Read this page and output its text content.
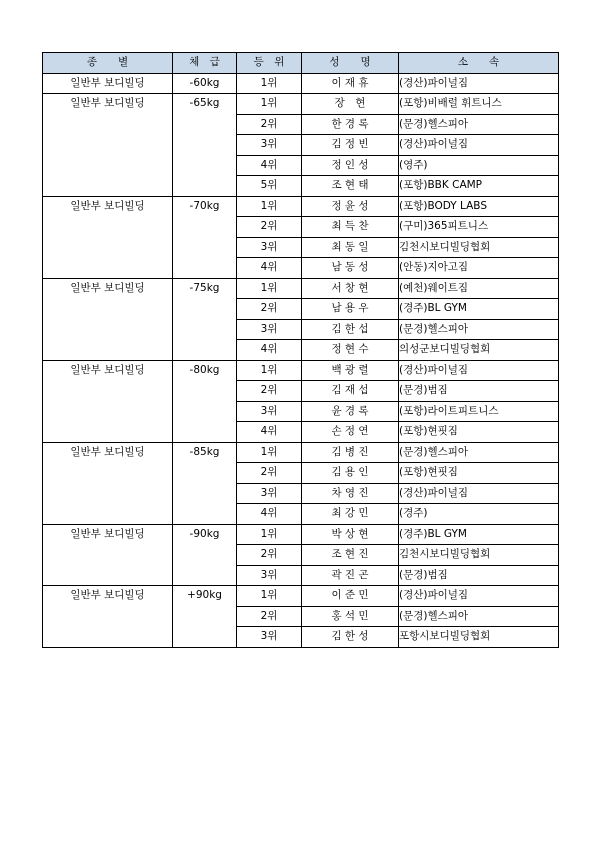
종　　별	체　급	등　위	성　　명	소　　속
일반부 보디빌딩	-60kg	1위	이 재 휴	(경산)파이널짐
일반부 보디빌딩	-65kg	1위	장　현	(포항)비배럴 휘트니스
		2위	한 경 록	(문경)헬스피아
		3위	김 정 빈	(경산)파이널짐
		4위	정 인 성	(영주)
		5위	조 현 태	(포항)BBK CAMP
일반부 보디빌딩	-70kg	1위	정 윤 성	(포항)BODY LABS
		2위	최 득 찬	(구미)365피트니스
		3위	최 동 일	김천시보디빌딩협회
		4위	남 동 성	(안동)지아고짐
일반부 보디빌딩	-75kg	1위	서 창 현	(예천)웨이트짐
		2위	남 용 우	(경주)BL GYM
		3위	김 한 섭	(문경)헬스피아
		4위	정 현 수	의성군보디빌딩협회
일반부 보디빌딩	-80kg	1위	백 광 렬	(경산)파이널짐
		2위	김 재 섭	(문경)범짐
		3위	윤 경 록	(포항)라이트피트니스
		4위	손 정 연	(포항)현핏짐
일반부 보디빌딩	-85kg	1위	김 병 진	(문경)헬스피아
		2위	김 용 인	(포항)현핏짐
		3위	차 영 진	(경산)파이널짐
		4위	최 강 민	(경주)
일반부 보디빌딩	-90kg	1위	박 상 현	(경주)BL GYM
		2위	조 현 진	김천시보디빌딩협회
		3위	곽 진 곤	(문경)범짐
일반부 보디빌딩	+90kg	1위	이 준 민	(경산)파이널짐
		2위	홍 석 민	(문경)헬스피아
		3위	김 한 성	포항시보디빌딩협회
